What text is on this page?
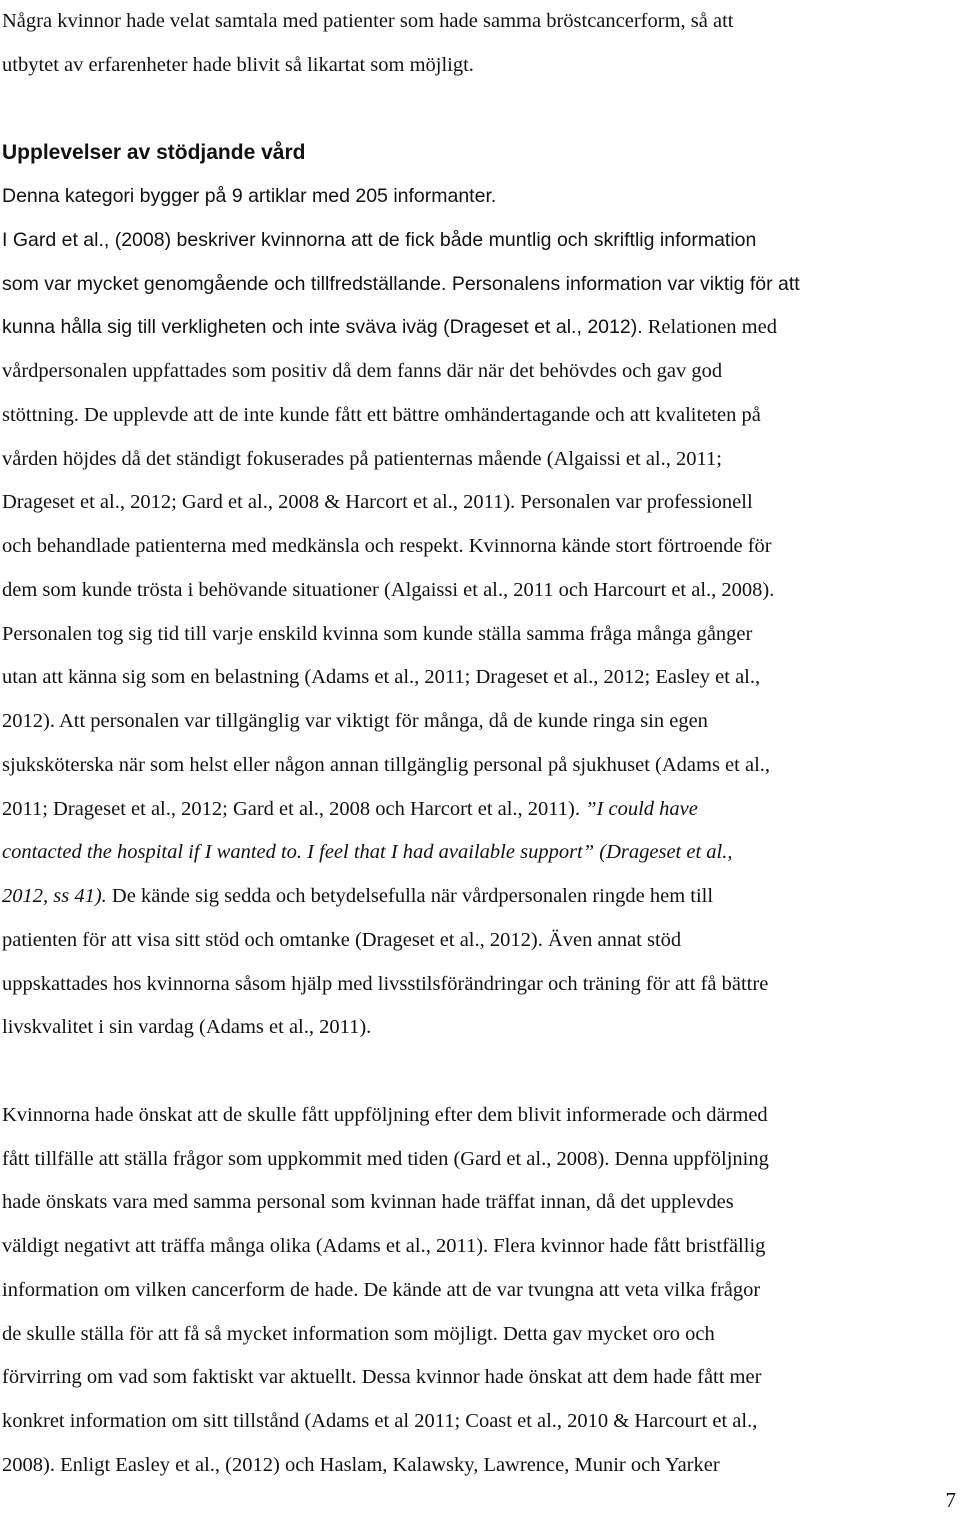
Några kvinnor hade velat samtala med patienter som hade samma bröstcancerform, så att
utbytet av erfarenheter hade blivit så likartat som möjligt.
Upplevelser av stödjande vård
Denna kategori bygger på 9 artiklar med 205 informanter.
I Gard et al., (2008) beskriver kvinnorna att de fick både muntlig och skriftlig information
som var mycket genomgående och tillfredställande. Personalens information var viktig för att
kunna hålla sig till verkligheten och inte sväva iväg (Drageset et al., 2012). Relationen med
vårdpersonalen uppfattades som positiv då dem fanns där när det behövdes och gav god
stöttning. De upplevde att de inte kunde fått ett bättre omhändertagande och att kvaliteten på
vården höjdes då det ständigt fokuserades på patienternas mående (Algaissi et al., 2011;
Drageset et al., 2012; Gard et al., 2008 & Harcort et al., 2011). Personalen var professionell
och behandlade patienterna med medkänsla och respekt. Kvinnorna kände stort förtroende för
dem som kunde trösta i behövande situationer (Algaissi et al., 2011 och Harcourt et al., 2008).
Personalen tog sig tid till varje enskild kvinna som kunde ställa samma fråga många gånger
utan att känna sig som en belastning (Adams et al., 2011; Drageset et al., 2012; Easley et al.,
2012). Att personalen var tillgänglig var viktigt för många, då de kunde ringa sin egen
sjuksköterska när som helst eller någon annan tillgänglig personal på sjukhuset (Adams et al.,
2011; Drageset et al., 2012; Gard et al., 2008 och Harcort et al., 2011). ”I could have
contacted the hospital if I wanted to. I feel that I had available support” (Drageset et al.,
2012, ss 41). De kände sig sedda och betydelsefulla när vårdpersonalen ringde hem till
patienten för att visa sitt stöd och omtanke (Drageset et al., 2012). Även annat stöd
uppskattades hos kvinnorna såsom hjälp med livsstilsförändringar och träning för att få bättre
livskvalitet i sin vardag (Adams et al., 2011).
Kvinnorna hade önskat att de skulle fått uppföljning efter dem blivit informerade och därmed
fått tillfälle att ställa frågor som uppkommit med tiden (Gard et al., 2008). Denna uppföljning
hade önskats vara med samma personal som kvinnan hade träffat innan, då det upplevdes
väldigt negativt att träffa många olika (Adams et al., 2011). Flera kvinnor hade fått bristfällig
information om vilken cancerform de hade. De kände att de var tvungna att veta vilka frågor
de skulle ställa för att få så mycket information som möjligt. Detta gav mycket oro och
förvirring om vad som faktiskt var aktuellt. Dessa kvinnor hade önskat att dem hade fått mer
konkret information om sitt tillstånd (Adams et al 2011; Coast et al., 2010 & Harcourt et al.,
2008). Enligt Easley et al., (2012) och Haslam, Kalawsky, Lawrence, Munir och Yarker
7
